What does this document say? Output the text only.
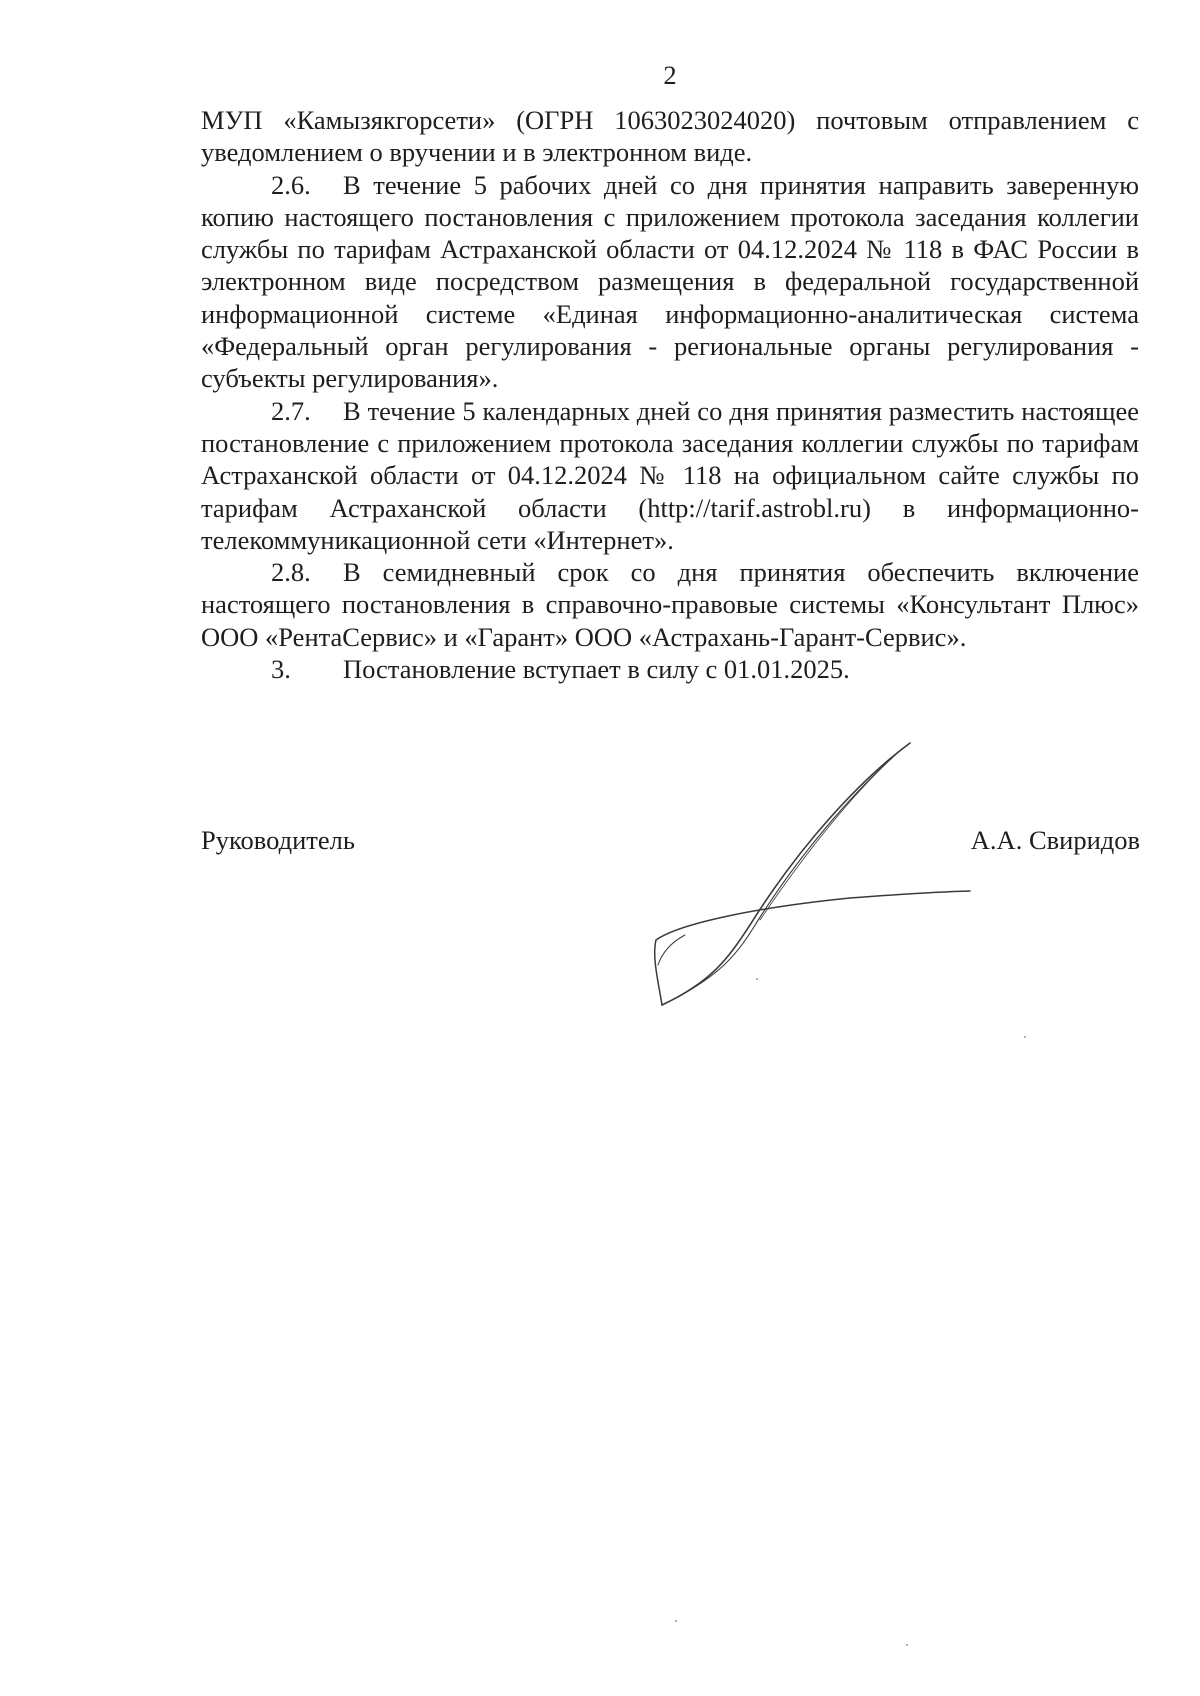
2

МУП «Камызякгорсети» (ОГРН 1063023024020) почтовым отправлением с уведомлением о вручении и в электронном виде.

2.6. В течение 5 рабочих дней со дня принятия направить заверенную копию настоящего постановления с приложением протокола заседания коллегии службы по тарифам Астраханской области от 04.12.2024 № 118 в ФАС России в электронном виде посредством размещения в федеральной государственной информационной системе «Единая информационно-аналитическая система «Федеральный орган регулирования - региональные органы регулирования - субъекты регулирования».

2.7. В течение 5 календарных дней со дня принятия разместить настоящее постановление с приложением протокола заседания коллегии службы по тарифам Астраханской области от 04.12.2024 № 118 на официальном сайте службы по тарифам Астраханской области (http://tarif.astrobl.ru) в информационно-телекоммуникационной сети «Интернет».

2.8. В семидневный срок со дня принятия обеспечить включение настоящего постановления в справочно-правовые системы «Консультант Плюс» ООО «РентаСервис» и «Гарант» ООО «Астрахань-Гарант-Сервис».

3. Постановление вступает в силу с 01.01.2025.

Руководитель	А.А. Свиридов
